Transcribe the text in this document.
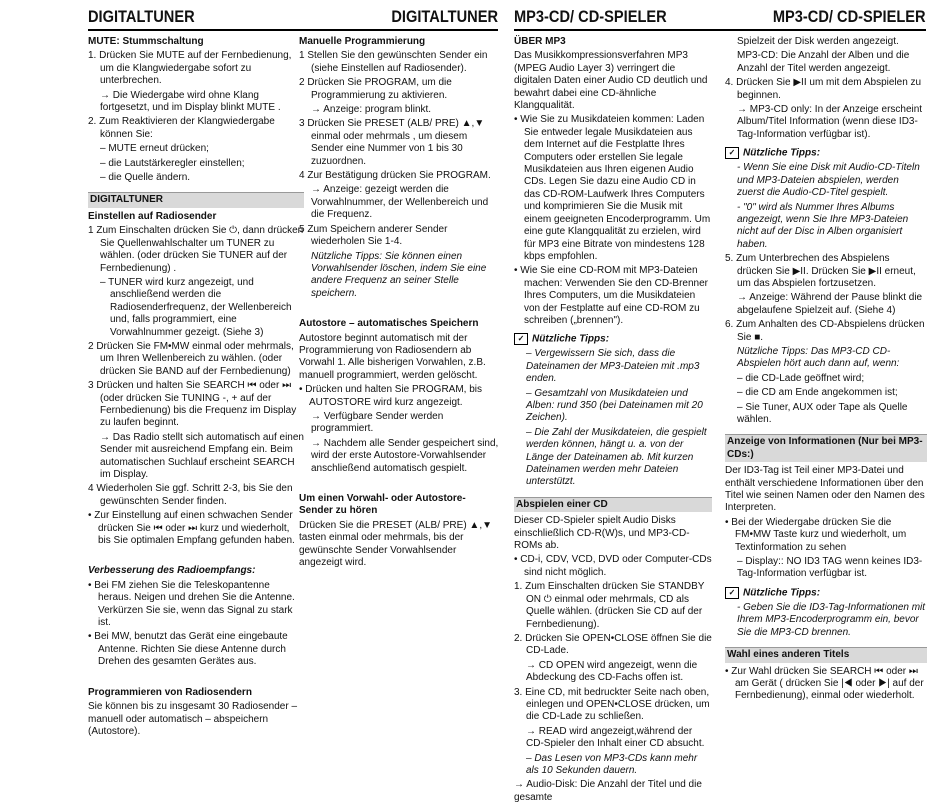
DIGITALTUNER	DIGITALTUNER MP3-CD/ CD-SPIELER	MP3-CD/ CD-SPIELER

MUTE: Stummschaltung

1. Drücken Sie MUTE auf der Fernbedienung, um die Klangwiedergabe sofort zu unterbrechen.

→ Die Wiedergabe wird ohne Klang fortgesetzt, und im Display blinkt MUTE .

2. Zum Reaktivieren der Klangwiedergabe können Sie:

– MUTE erneut drücken;

– die Lautstärkeregler einstellen;

– die Quelle ändern.

DIGITALTUNER

Einstellen auf Radiosender

1 Zum Einschalten drücken Sie ⏻, dann drücken Sie Quellenwahlschalter um TUNER zu wählen. (oder drücken Sie TUNER auf der Fernbedienung) .

– TUNER wird kurz angezeigt, und anschließend werden die Radiosenderfrequenz, der Wellenbereich und, falls programmiert, eine Vorwahlnummer gezeigt. (Siehe 3)

2 Drücken Sie FM•MW einmal oder mehrmals, um Ihren Wellenbereich zu wählen. (oder drücken Sie BAND auf der Fernbedienung)

3 Drücken und halten Sie SEARCH ⏮ oder ⏭ (oder drücken Sie TUNING -, + auf der Fernbedienung) bis die Frequenz im Display zu laufen beginnt.

→ Das Radio stellt sich automatisch auf einen Sender mit ausreichend Empfang ein. Beim automatischen Suchlauf erscheint SEARCH im Display.

4 Wiederholen Sie ggf. Schritt 2-3, bis Sie den gewünschten Sender finden.

• Zur Einstellung auf einen schwachen Sender drücken Sie ⏮ oder ⏭ kurz und wiederholt, bis Sie optimalen Empfang gefunden haben.

Verbesserung des Radioempfangs:

• Bei FM ziehen Sie die Teleskopantenne heraus. Neigen und drehen Sie die Antenne. Verkürzen Sie sie, wenn das Signal zu stark ist.

• Bei MW, benutzt das Gerät eine eingebaute Antenne. Richten Sie diese Antenne durch Drehen des gesamten Gerätes aus.

Programmieren von Radiosendern

Sie können bis zu insgesamt 30 Radiosender – manuell oder automatisch – abspeichern (Autostore).

Manuelle Programmierung

1 Stellen Sie den gewünschten Sender ein (siehe Einstellen auf Radiosender).

2 Drücken Sie PROGRAM, um die Programmierung zu aktivieren.

→ Anzeige: program blinkt.

3 Drücken Sie PRESET (ALB/ PRE) ▲,▼ einmal oder mehrmals , um diesem Sender eine Nummer von 1 bis 30 zuzuordnen.

4 Zur Bestätigung drücken Sie PROGRAM.

→ Anzeige: gezeigt werden die Vorwahlnummer, der Wellenbereich und die Frequenz.

5 Zum Speichern anderer Sender wiederholen Sie 1-4.

Nützliche Tipps: Sie können einen Vorwahlsender löschen, indem Sie eine andere Frequenz an seiner Stelle speichern.

Autostore – automatisches Speichern

Autostore beginnt automatisch mit der Programmierung von Radiosendern ab Vorwahl 1. Alle bisherigen Vorwahlen, z.B. manuell programmiert, werden gelöscht.

• Drücken und halten Sie PROGRAM, bis AUTOSTORE wird kurz angezeigt.

→ Verfügbare Sender werden programmiert.

→ Nachdem alle Sender gespeichert sind, wird der erste Autostore-Vorwahlsender anschließend automatisch gespielt.

Um einen Vorwahl- oder Autostore-Sender zu hören

Drücken Sie die PRESET (ALB/ PRE) ▲,▼ tasten einmal oder mehrmals, bis der gewünschte Sender Vorwahlsender angezeigt wird.

ÜBER MP3

Das Musikkompressionsverfahren MP3 (MPEG Audio Layer 3) verringert die digitalen Daten einer Audio CD deutlich und bewahrt dabei eine CD-ähnliche Klangqualität.

• Wie Sie zu Musikdateien kommen: Laden Sie entweder legale Musikdateien aus dem Internet auf die Festplatte Ihres Computers oder erstellen Sie legale Musikdateien aus Ihren eigenen Audio CDs. Legen Sie dazu eine Audio CD in das CD-ROM-Laufwerk Ihres Computers und komprimieren Sie die Musik mit einem geeigneten Encoderprogramm. Um eine gute Klangqualität zu erzielen, wird für MP3 eine Bitrate von mindestens 128 kbps empfohlen.

• Wie Sie eine CD-ROM mit MP3-Dateien machen: Verwenden Sie den CD-Brenner Ihres Computers, um die Musikdateien von der Festplatte auf eine CD-ROM zu schreiben („brennen").

✓ Nützliche Tipps:

– Vergewissern Sie sich, dass die Dateinamen der MP3-Dateien mit .mp3 enden.

– Gesamtzahl von Musikdateien und Alben: rund 350 (bei Dateinamen mit 20 Zeichen).

– Die Zahl der Musikdateien, die gespielt werden können, hängt u. a. von der Länge der Dateinamen ab. Mit kurzen Dateinamen werden mehr Dateien unterstützt.

Abspielen einer CD

Dieser CD-Spieler spielt Audio Disks einschließlich CD-R(W)s, und MP3-CD-ROMs ab.

• CD-i, CDV, VCD, DVD oder Computer-CDs sind nicht möglich.

1. Zum Einschalten drücken Sie STANDBY ON ⏻ einmal oder mehrmals, CD als Quelle wählen. (drücken Sie CD auf der Fernbedienung).

2. Drücken Sie OPEN•CLOSE öffnen Sie die CD-Lade.

→ CD OPEN wird angezeigt, wenn die Abdeckung des CD-Fachs offen ist.

3. Eine CD, mit bedruckter Seite nach oben, einlegen und OPEN•CLOSE drücken, um die CD-Lade zu schließen.

→ READ wird angezeigt,während der CD-Spieler den Inhalt einer CD absucht.

– Das Lesen von MP3-CDs kann mehr als 10 Sekunden dauern.

→ Audio-Disk: Die Anzahl der Titel und die gesamte

Spielzeit der Disk werden angezeigt.

MP3-CD: Die Anzahl der Alben und die Anzahl der Titel werden angezeigt.

4. Drücken Sie ▶II um mit dem Abspielen zu beginnen.

→ MP3-CD only: In der Anzeige erscheint Album/Titel Information (wenn diese ID3-Tag-Information verfügbar ist).

✓ Nützliche Tipps:

- Wenn Sie eine Disk mit Audio-CD-Titeln und MP3-Dateien abspielen, werden zuerst die Audio-CD-Titel gespielt.

- "0" wird als Nummer Ihres Albums angezeigt, wenn Sie Ihre MP3-Dateien nicht auf der Disc in Alben organisiert haben.

5. Zum Unterbrechen des Abspielens drücken Sie ▶II. Drücken Sie ▶II erneut, um das Abspielen fortzusetzen.

→ Anzeige: Während der Pause blinkt die abgelaufene Spielzeit auf. (Siehe 4)

6. Zum Anhalten des CD-Abspielens drücken Sie ■.

Nützliche Tipps: Das MP3-CD CD-Abspielen hört auch dann auf, wenn:

– die CD-Lade geöffnet wird;

– die CD am Ende angekommen ist;

– Sie Tuner, AUX oder Tape als Quelle wählen.

Anzeige von Informationen (Nur bei MP3-CDs:)

Der ID3-Tag ist Teil einer MP3-Datei und enthält verschiedene Informationen über den Titel wie seinen Namen oder den Namen des Interpreten.

• Bei der Wiedergabe drücken Sie die FM•MW Taste kurz und wiederholt, um Textinformation zu sehen

– Display:: NO ID3 TAG wenn keines ID3-Tag-Information verfügbar ist.

✓ Nützliche Tipps:

- Geben Sie die ID3-Tag-Informationen mit Ihrem MP3-Encoderprogramm ein, bevor Sie die MP3-CD brennen.

Wahl eines anderen Titels

• Zur Wahl drücken Sie SEARCH ⏮ oder ⏭ am Gerät ( drücken Sie |◀ oder ▶| auf der Fernbedienung), einmal oder wiederholt.
